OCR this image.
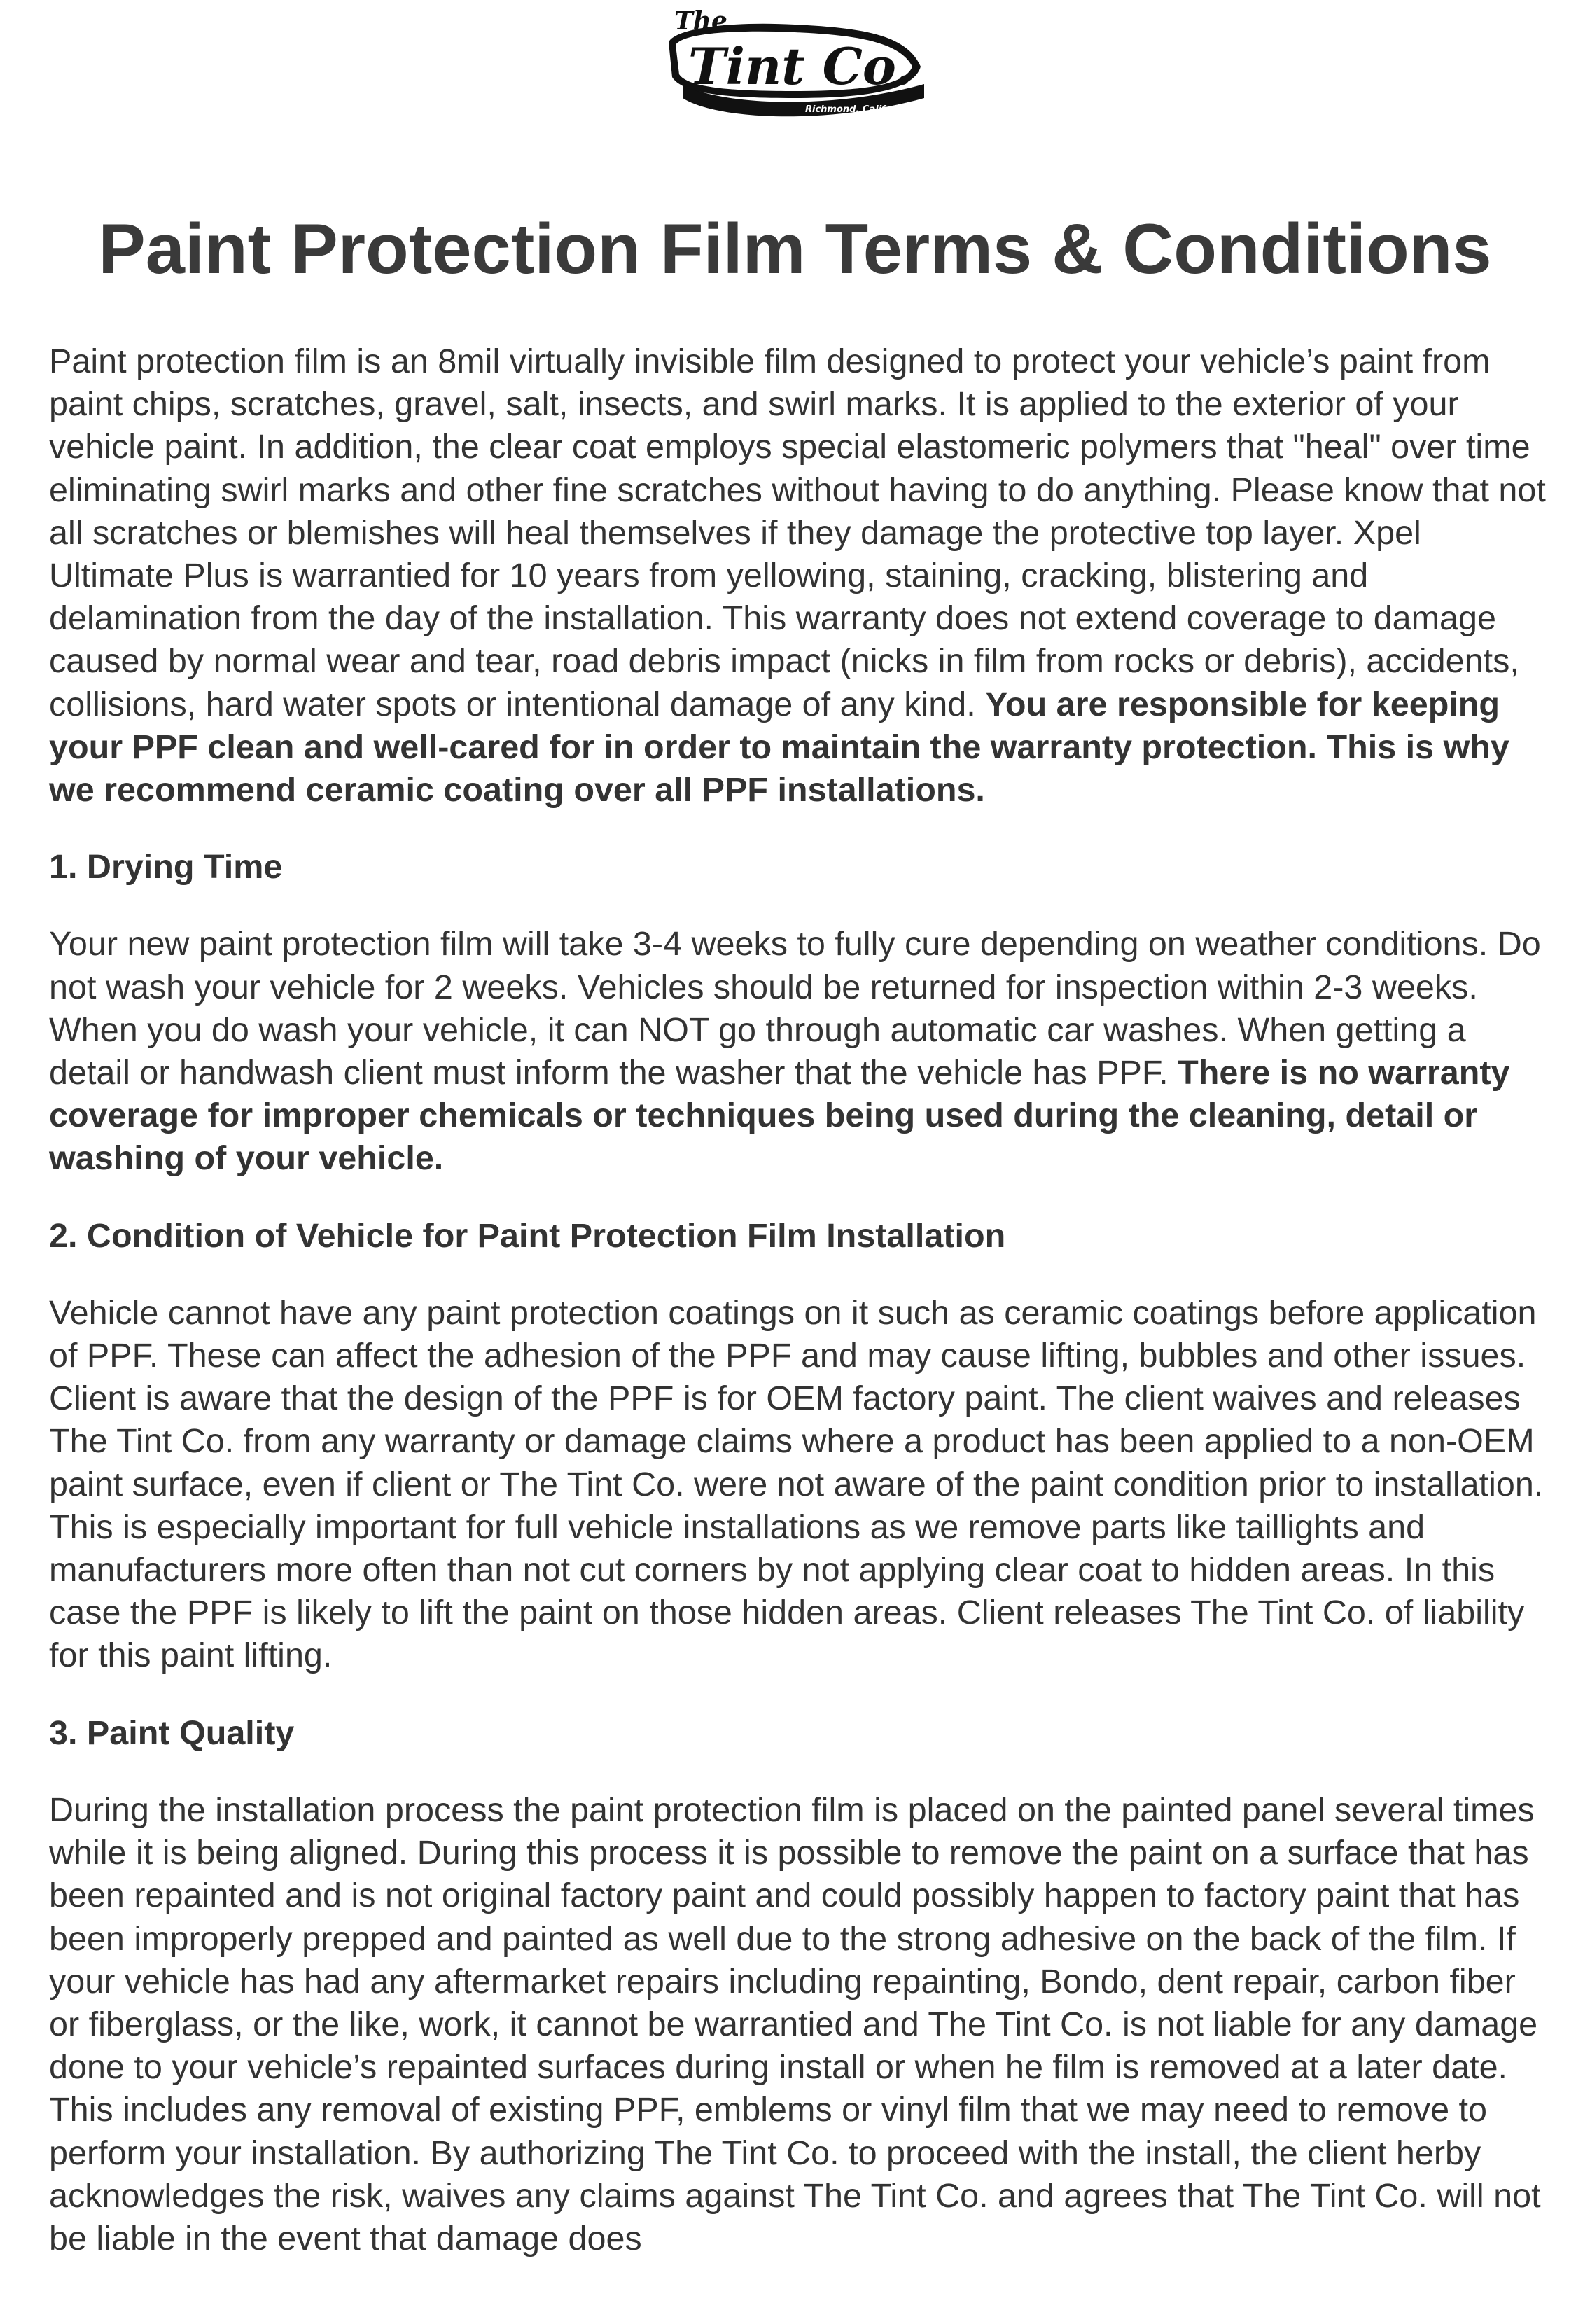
The
Tint Co.
Richmond, California
Paint Protection Film Terms & Conditions

Paint protection film is an 8mil virtually invisible film designed to protect your vehicle’s paint from paint chips, scratches, gravel, salt, insects, and swirl marks. It is applied to the exterior of your vehicle paint. In addition, the clear coat employs special elastomeric polymers that "heal" over time eliminating swirl marks and other fine scratches without having to do anything. Please know that not all scratches or blemishes will heal themselves if they damage the protective top layer. Xpel Ultimate Plus is warrantied for 10 years from yellowing, staining, cracking, blistering and delamination from the day of the installation. This warranty does not extend coverage to damage caused by normal wear and tear, road debris impact (nicks in film from rocks or debris), accidents, collisions, hard water spots or intentional damage of any kind. You are responsible for keeping your PPF clean and well-cared for in order to maintain the warranty protection. This is why we recommend ceramic coating over all PPF installations.

1. Drying Time

Your new paint protection film will take 3-4 weeks to fully cure depending on weather conditions. Do not wash your vehicle for 2 weeks. Vehicles should be returned for inspection within 2-3 weeks. When you do wash your vehicle, it can NOT go through automatic car washes. When getting a detail or handwash client must inform the washer that the vehicle has PPF. There is no warranty coverage for improper chemicals or techniques being used during the cleaning, detail or washing of your vehicle.

2. Condition of Vehicle for Paint Protection Film Installation

Vehicle cannot have any paint protection coatings on it such as ceramic coatings before application of PPF. These can affect the adhesion of the PPF and may cause lifting, bubbles and other issues. Client is aware that the design of the PPF is for OEM factory paint. The client waives and releases The Tint Co. from any warranty or damage claims where a product has been applied to a non-OEM paint surface, even if client or The Tint Co. were not aware of the paint condition prior to installation. This is especially important for full vehicle installations as we remove parts like taillights and manufacturers more often than not cut corners by not applying clear coat to hidden areas. In this case the PPF is likely to lift the paint on those hidden areas. Client releases The Tint Co. of liability for this paint lifting.

3. Paint Quality

During the installation process the paint protection film is placed on the painted panel several times while it is being aligned. During this process it is possible to remove the paint on a surface that has been repainted and is not original factory paint and could possibly happen to factory paint that has been improperly prepped and painted as well due to the strong adhesive on the back of the film. If your vehicle has had any aftermarket repairs including repainting, Bondo, dent repair, carbon fiber or fiberglass, or the like, work, it cannot be warrantied and The Tint Co. is not liable for any damage done to your vehicle’s repainted surfaces during install or when he film is removed at a later date. This includes any removal of existing PPF, emblems or vinyl film that we may need to remove to perform your installation. By authorizing The Tint Co. to proceed with the install, the client herby acknowledges the risk, waives any claims against The Tint Co. and agrees that The Tint Co. will not be liable in the event that damage does
